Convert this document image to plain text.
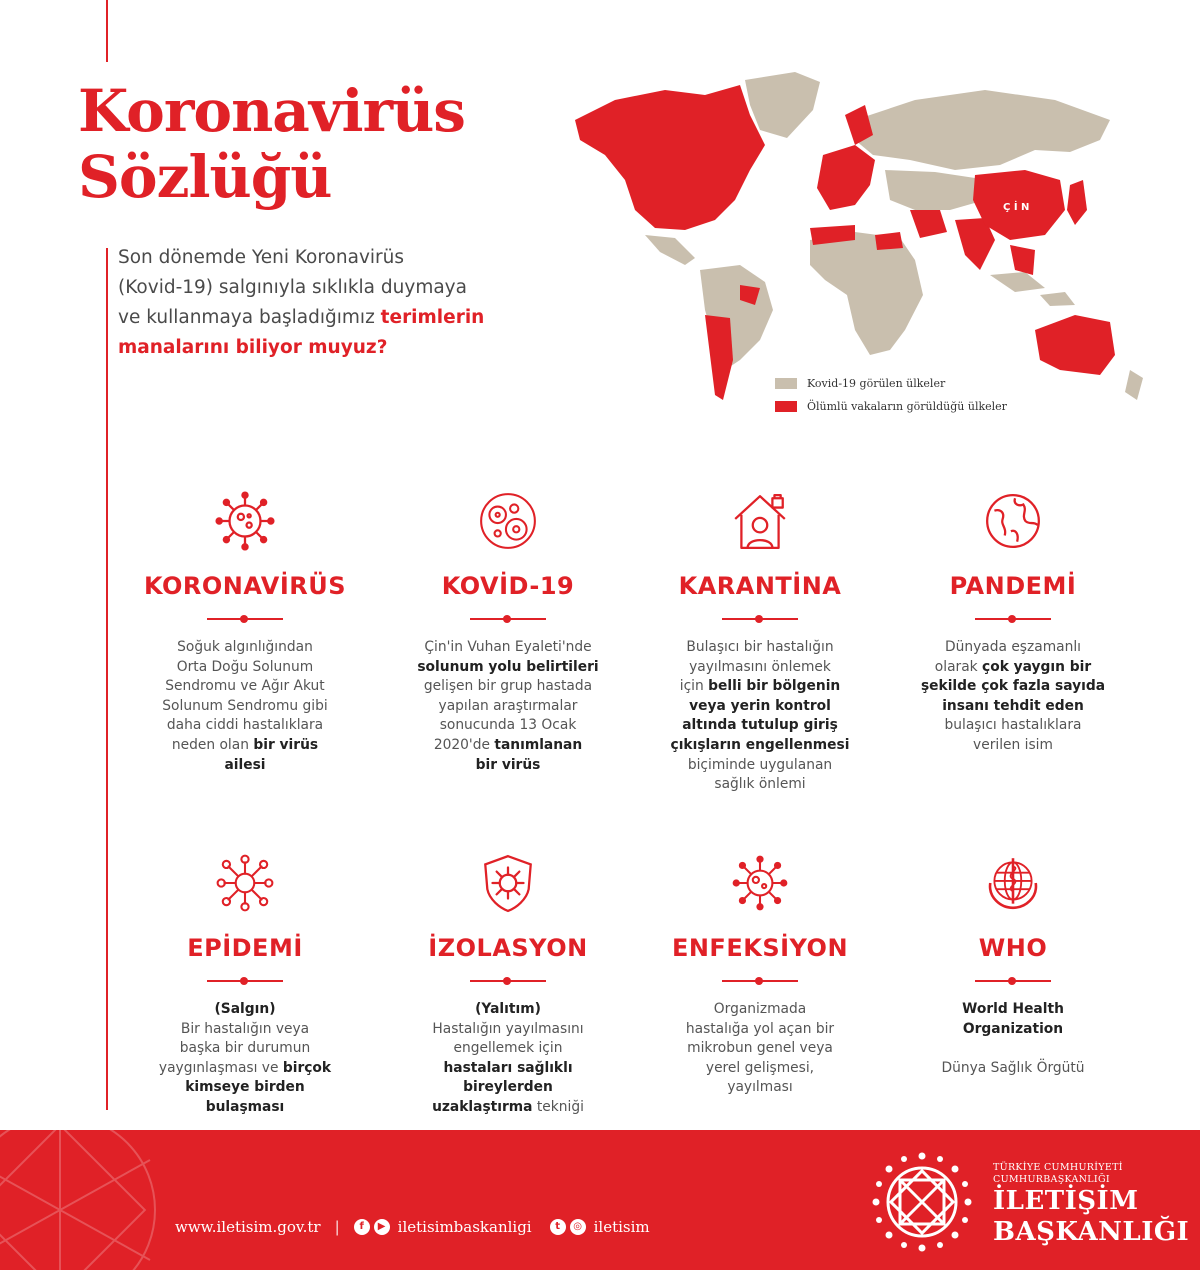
Koronavirüs
Sözlüğü
Son dönemde Yeni Koronavirüs
(Kovid-19) salgınıyla sıklıkla duymaya
ve kullanmaya başladığımız terimlerin
manalarını biliyor muyuz?
Ç İ N
Kovid-19 görülen ülkeler
Ölümlü vakaların görüldüğü ülkeler
KORONAVİRÜS

Soğuk algınlığından
Orta Doğu Solunum
Sendromu ve Ağır Akut
Solunum Sendromu gibi
daha ciddi hastalıklara
neden olan bir virüs
ailesi

KOVİD-19

Çin'in Vuhan Eyaleti'nde
solunum yolu belirtileri
gelişen bir grup hastada
yapılan araştırmalar
sonucunda 13 Ocak
2020'de tanımlanan
bir virüs

KARANTİNA

Bulaşıcı bir hastalığın
yayılmasını önlemek
için belli bir bölgenin
veya yerin kontrol
altında tutulup giriş
çıkışların engellenmesi
biçiminde uygulanan
sağlık önlemi

PANDEMİ

Dünyada eşzamanlı
olarak çok yaygın bir
şekilde çok fazla sayıda
insanı tehdit eden
bulaşıcı hastalıklara
verilen isim

EPİDEMİ

(Salgın)
Bir hastalığın veya
başka bir durumun
yaygınlaşması ve birçok
kimseye birden
bulaşması

İZOLASYON

(Yalıtım)
Hastalığın yayılmasını
engellemek için
hastaları sağlıklı
bireylerden
uzaklaştırma tekniği

ENFEKSİYON

Organizmada
hastalığa yol açan bir
mikrobun genel veya
yerel gelişmesi,
yayılması

WHO

World Health
Organization
Dünya Sağlık Örgütü

www.iletisim.gov.tr |	f	▶ iletisimbaskanligi	t	◎ iletisim
TÜRKİYE CUMHURİYETİ
CUMHURBAŞKANLIĞI
İLETİŞİM
BAŞKANLIĞI
